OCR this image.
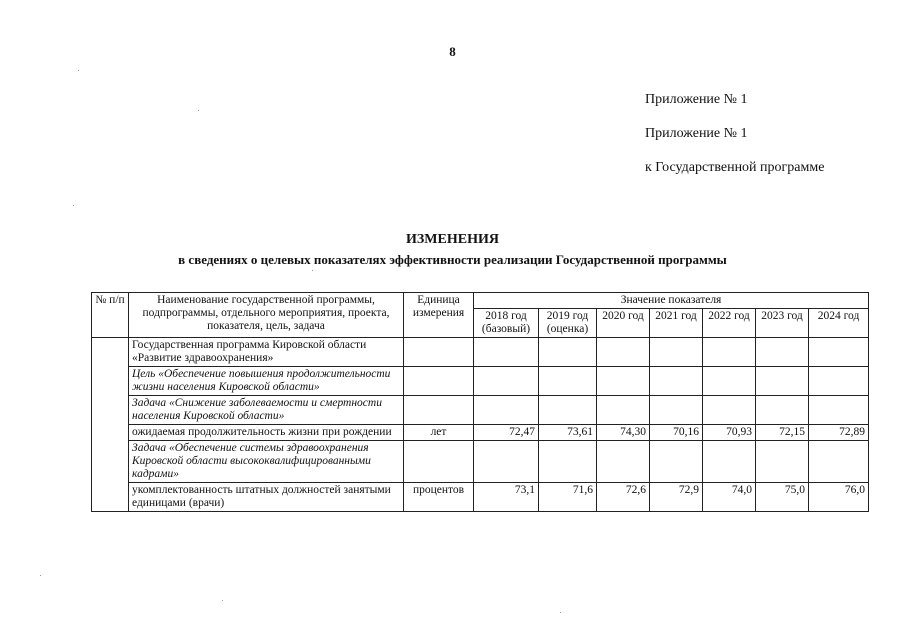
8
Приложение № 1
Приложение № 1
к Государственной программе
ИЗМЕНЕНИЯ
в сведениях о целевых показателях эффективности реализации Государственной программы
№ п/п	Наименование государственной программы, подпрограммы, отдельного мероприятия, проекта, показателя, цель, задача	Единица измерения	Значение показателя						
			2018 год (базовый)	2019 год (оценка)	2020 год	2021 год	2022 год	2023 год	2024 год
	Государственная программа Кировской области «Развитие здравоохранения»								
	Цель «Обеспечение повышения продолжительности жизни населения Кировской области»								
	Задача «Снижение заболеваемости и смертности населения Кировской области»								
	ожидаемая продолжительность жизни при рождении	лет	72,47	73,61	74,30	70,16	70,93	72,15	72,89
	Задача «Обеспечение системы здравоохранения Кировской области высококвалифицированными кадрами»								
	укомплектованность штатных должностей занятыми единицами (врачи)	процентов	73,1	71,6	72,6	72,9	74,0	75,0	76,0
